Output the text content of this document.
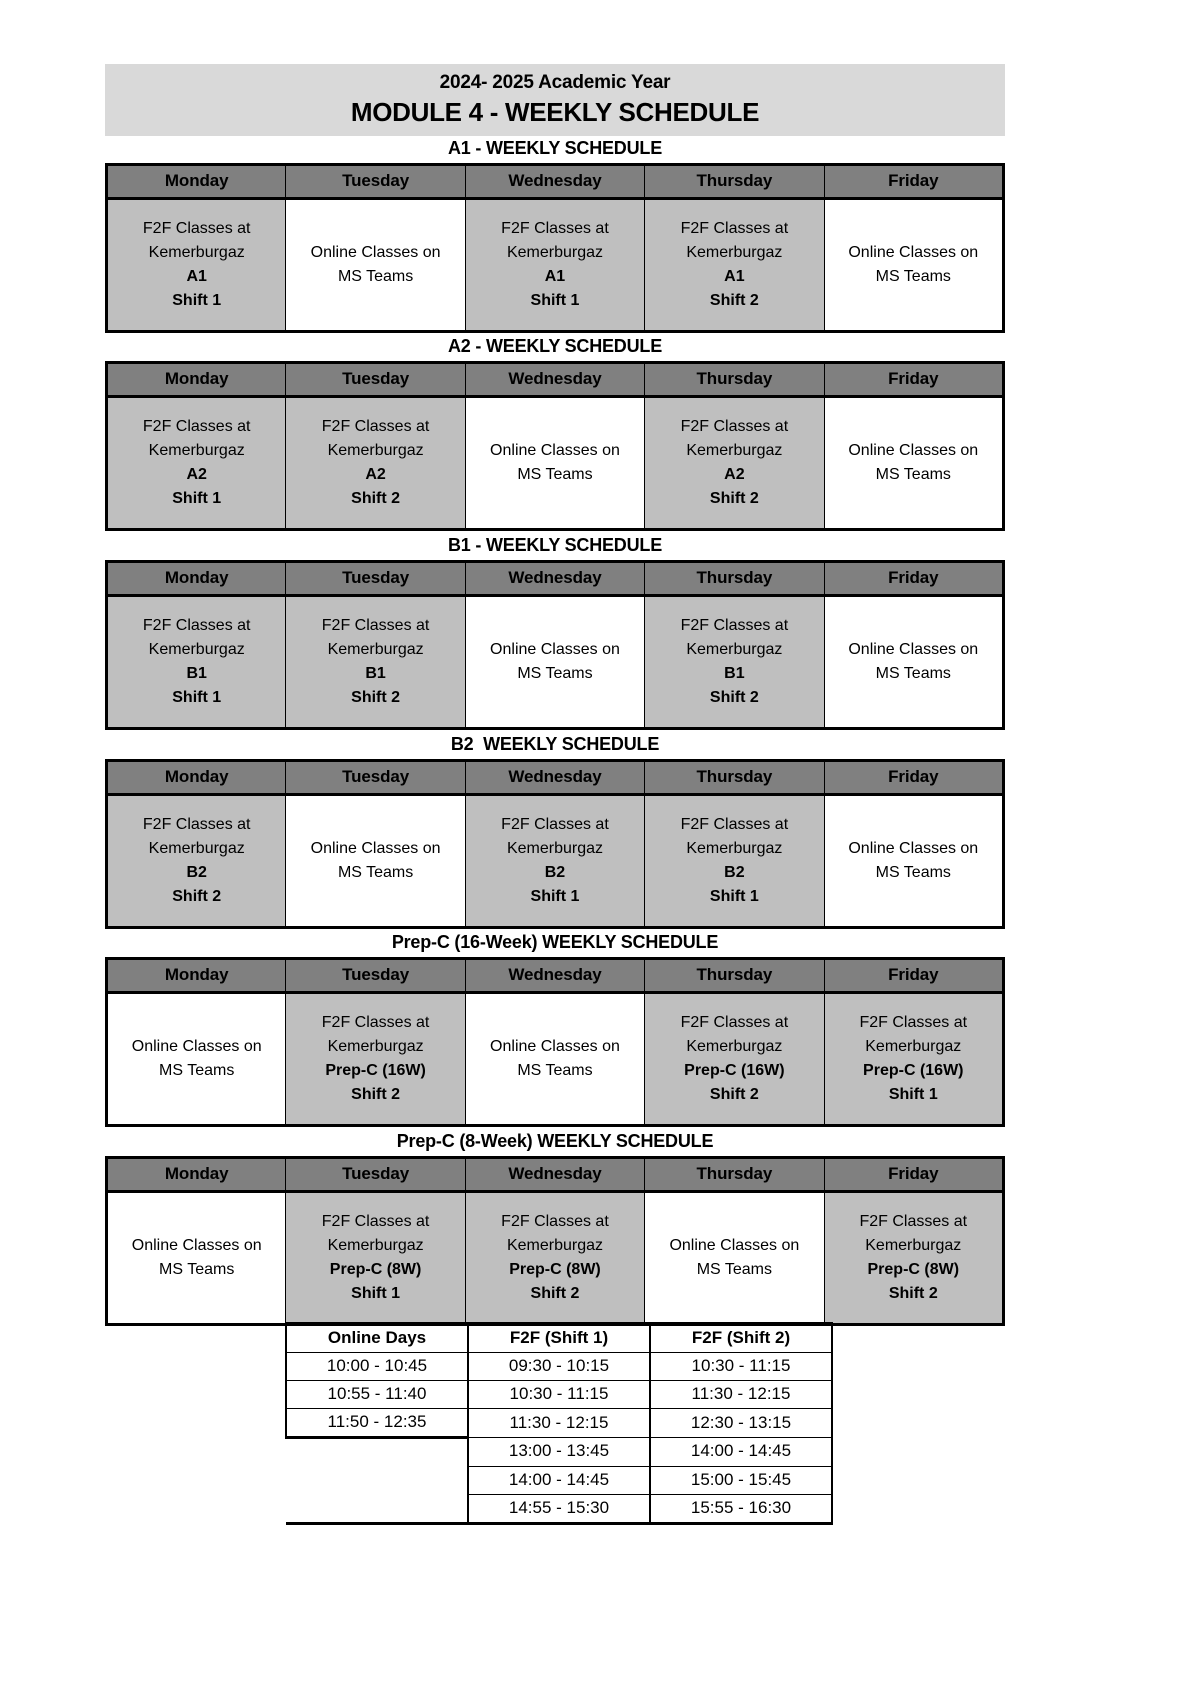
2024- 2025 Academic Year
MODULE 4 - WEEKLY SCHEDULE
A1 - WEEKLY SCHEDULE
Monday	Tuesday	Wednesday	Thursday	Friday

F2F Classes at
Kemerburgaz
A1
Shift 1	Online Classes on
MS Teams	F2F Classes at
Kemerburgaz
A1
Shift 1	F2F Classes at
Kemerburgaz
A1
Shift 2	Online Classes on
MS Teams
A2 - WEEKLY SCHEDULE
Monday	Tuesday	Wednesday	Thursday	Friday

F2F Classes at
Kemerburgaz
A2
Shift 1	F2F Classes at
Kemerburgaz
A2
Shift 2	Online Classes on
MS Teams	F2F Classes at
Kemerburgaz
A2
Shift 2	Online Classes on
MS Teams
B1 - WEEKLY SCHEDULE
Monday	Tuesday	Wednesday	Thursday	Friday

F2F Classes at
Kemerburgaz
B1
Shift 1	F2F Classes at
Kemerburgaz
B1
Shift 2	Online Classes on
MS Teams	F2F Classes at
Kemerburgaz
B1
Shift 2	Online Classes on
MS Teams
B2  WEEKLY SCHEDULE
Monday	Tuesday	Wednesday	Thursday	Friday

F2F Classes at
Kemerburgaz
B2
Shift 2	Online Classes on
MS Teams	F2F Classes at
Kemerburgaz
B2
Shift 1	F2F Classes at
Kemerburgaz
B2
Shift 1	Online Classes on
MS Teams
Prep-C (16-Week) WEEKLY SCHEDULE
Monday	Tuesday	Wednesday	Thursday	Friday

Online Classes on
MS Teams	F2F Classes at
Kemerburgaz
Prep-C (16W)
Shift 2	Online Classes on
MS Teams	F2F Classes at
Kemerburgaz
Prep-C (16W)
Shift 2	F2F Classes at
Kemerburgaz
Prep-C (16W)
Shift 1
Prep-C (8-Week) WEEKLY SCHEDULE
Monday	Tuesday	Wednesday	Thursday	Friday

Online Classes on
MS Teams	F2F Classes at
Kemerburgaz
Prep-C (8W)
Shift 1	F2F Classes at
Kemerburgaz
Prep-C (8W)
Shift 2	Online Classes on
MS Teams	F2F Classes at
Kemerburgaz
Prep-C (8W)
Shift 2
Online Days	F2F (Shift 1)	F2F (Shift 2)
10:00 - 10:45	09:30 - 10:15	10:30 - 11:15
10:55 - 11:40	10:30 - 11:15	11:30 - 12:15
11:50 - 12:35	11:30 - 12:15	12:30 - 13:15
	13:00 - 13:45	14:00 - 14:45
	14:00 - 14:45	15:00 - 15:45
	14:55 - 15:30	15:55 - 16:30
